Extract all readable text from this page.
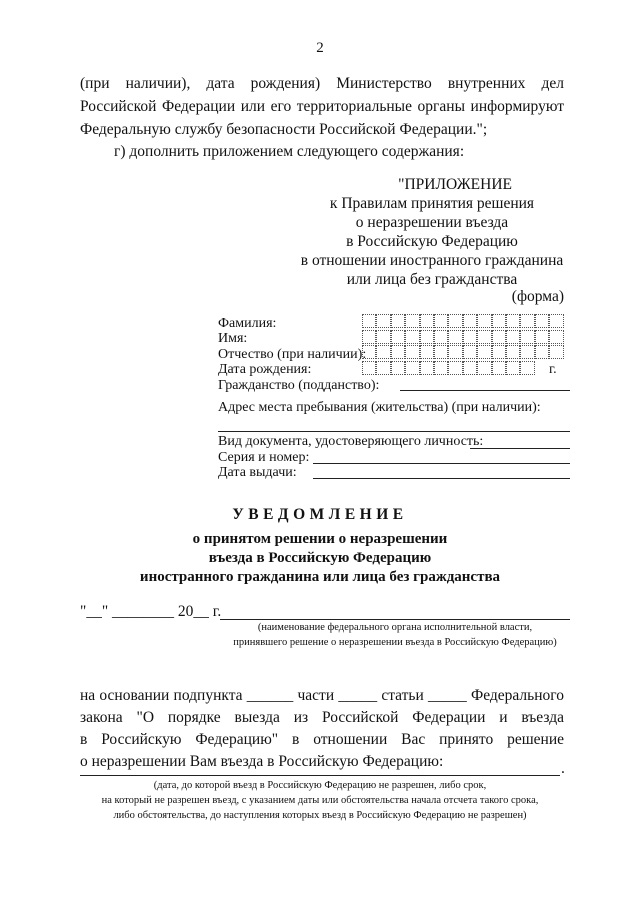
2
(при наличии), дата рождения) Министерство внутренних дел
Российской Федерации или его территориальные органы информируют
Федеральную службу безопасности Российской Федерации.";
г) дополнить приложением следующего содержания:
"ПРИЛОЖЕНИЕ
к Правилам принятия решения
о неразрешении въезда
в Российскую Федерацию
в отношении иностранного гражданина
или лица без гражданства
(форма)
Фамилия:
Имя:
Отчество (при наличии):
Дата рождения:	г.
Гражданство (подданство):
Адрес места пребывания (жительства) (при наличии):
Вид документа, удостоверяющего личность:
Серия и номер:
Дата выдачи:
УВЕДОМЛЕНИЕ
о принятом решении о неразрешении
въезда в Российскую Федерацию
иностранного гражданина или лица без гражданства
"__" ________ 20__ г.
(наименование федерального органа исполнительной власти,
принявшего решение о неразрешении въезда в Российскую Федерацию)
на основании подпункта ______ части _____ статьи _____ Федерального
закона "О порядке выезда из Российской Федерации и въезда
в Российскую Федерацию" в отношении Вас принято решение
о неразрешении Вам въезда в Российскую Федерацию:	.
(дата, до которой въезд в Российскую Федерацию не разрешен, либо срок,
на который не разрешен въезд, с указанием даты или обстоятельства начала отсчета такого срока,
либо обстоятельства, до наступления которых въезд в Российскую Федерацию не разрешен)
